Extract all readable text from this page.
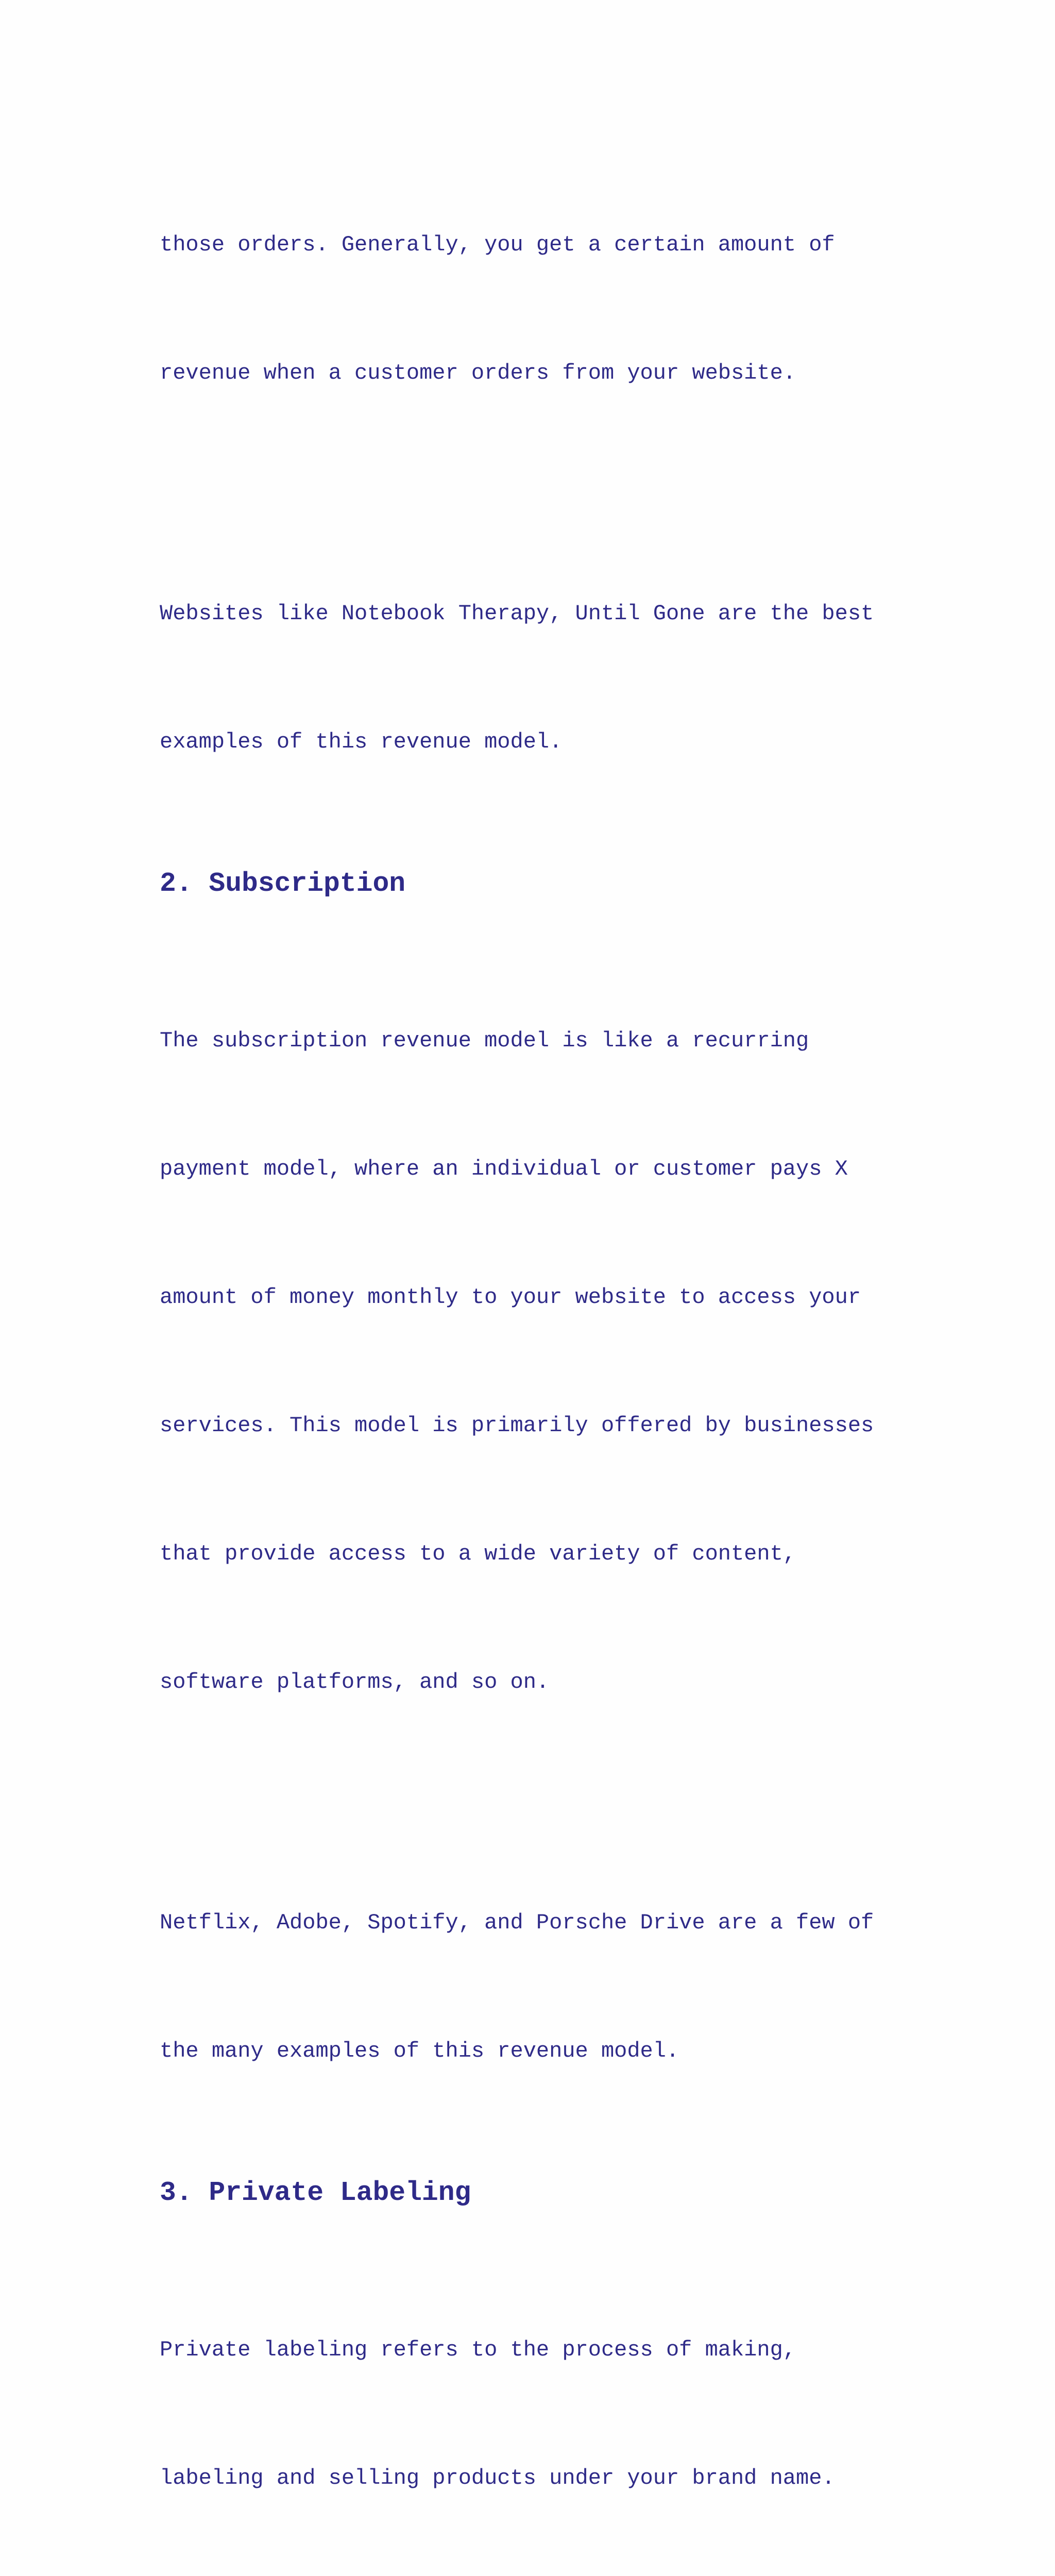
those orders. Generally, you get a certain amount of

revenue when a customer orders from your website.

Websites like Notebook Therapy, Until Gone are the best

examples of this revenue model.

2. Subscription

The subscription revenue model is like a recurring

payment model, where an individual or customer pays X

amount of money monthly to your website to access your

services. This model is primarily offered by businesses

that provide access to a wide variety of content,

software platforms, and so on.

Netflix, Adobe, Spotify, and Porsche Drive are a few of

the many examples of this revenue model.

3. Private Labeling

Private labeling refers to the process of making,

labeling and selling products under your brand name.
